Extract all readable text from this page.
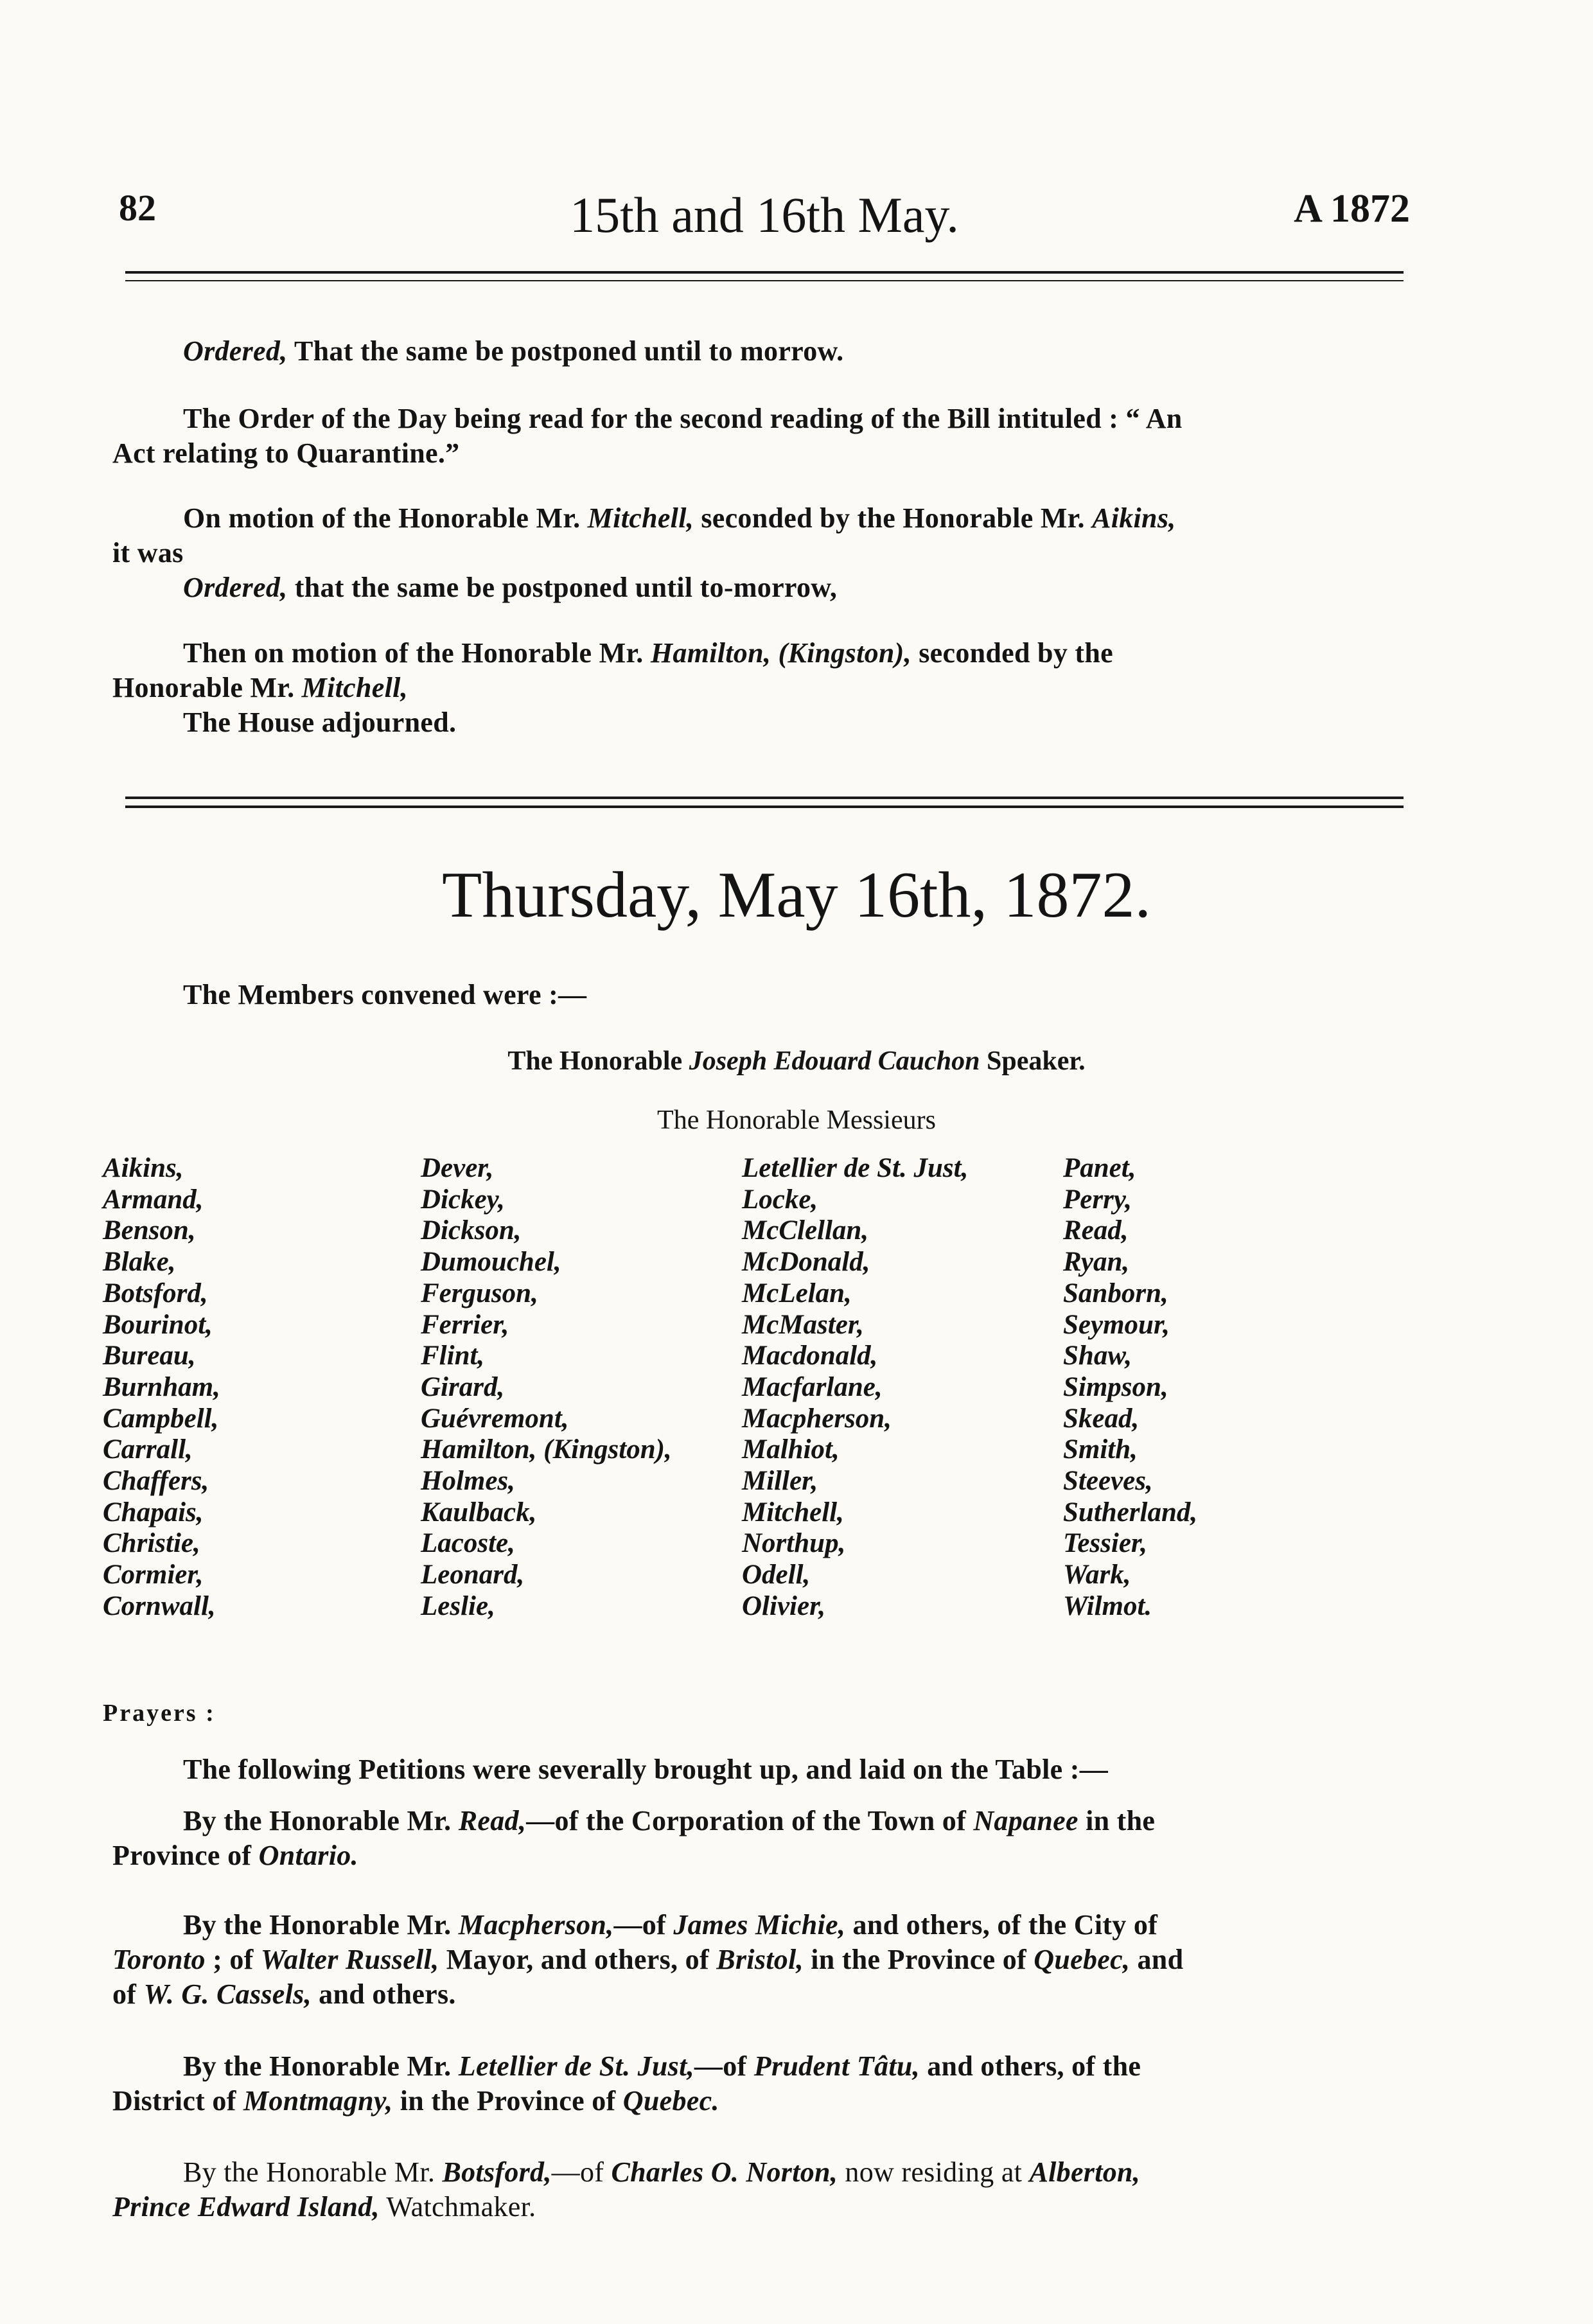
82	15th and 16th May.	A 1872
Ordered, That the same be postponed until to morrow.
The Order of the Day being read for the second reading of the Bill intituled : “ An
Act relating to Quarantine.”
On motion of the Honorable Mr. Mitchell, seconded by the Honorable Mr. Aikins,
it was
Ordered, that the same be postponed until to-morrow,
Then on motion of the Honorable Mr. Hamilton, (Kingston), seconded by the
Honorable Mr. Mitchell,
The House adjourned.
Thursday, May 16th, 1872.
The Members convened were :—
The Honorable Joseph Edouard Cauchon Speaker.
The Honorable Messieurs
Aikins,
Armand,
Benson,
Blake,
Botsford,
Bourinot,
Bureau,
Burnham,
Campbell,
Carrall,
Chaffers,
Chapais,
Christie,
Cormier,
Cornwall,
Dever,
Dickey,
Dickson,
Dumouchel,
Ferguson,
Ferrier,
Flint,
Girard,
Guévremont,
Hamilton, (Kingston),
Holmes,
Kaulback,
Lacoste,
Leonard,
Leslie,
Letellier de St. Just,
Locke,
McClellan,
McDonald,
McLelan,
McMaster,
Macdonald,
Macfarlane,
Macpherson,
Malhiot,
Miller,
Mitchell,
Northup,
Odell,
Olivier,
Panet,
Perry,
Read,
Ryan,
Sanborn,
Seymour,
Shaw,
Simpson,
Skead,
Smith,
Steeves,
Sutherland,
Tessier,
Wark,
Wilmot.
Prayers :
The following Petitions were severally brought up, and laid on the Table :—
By the Honorable Mr. Read,—of the Corporation of the Town of Napanee in the
Province of Ontario.
By the Honorable Mr. Macpherson,—of James Michie, and others, of the City of
Toronto ; of Walter Russell, Mayor, and others, of Bristol, in the Province of Quebec, and
of W. G. Cassels, and others.
By the Honorable Mr. Letellier de St. Just,—of Prudent Tâtu, and others, of the
District of Montmagny, in the Province of Quebec.
By the Honorable Mr. Botsford,—of Charles O. Norton, now residing at Alberton,
Prince Edward Island, Watchmaker.
